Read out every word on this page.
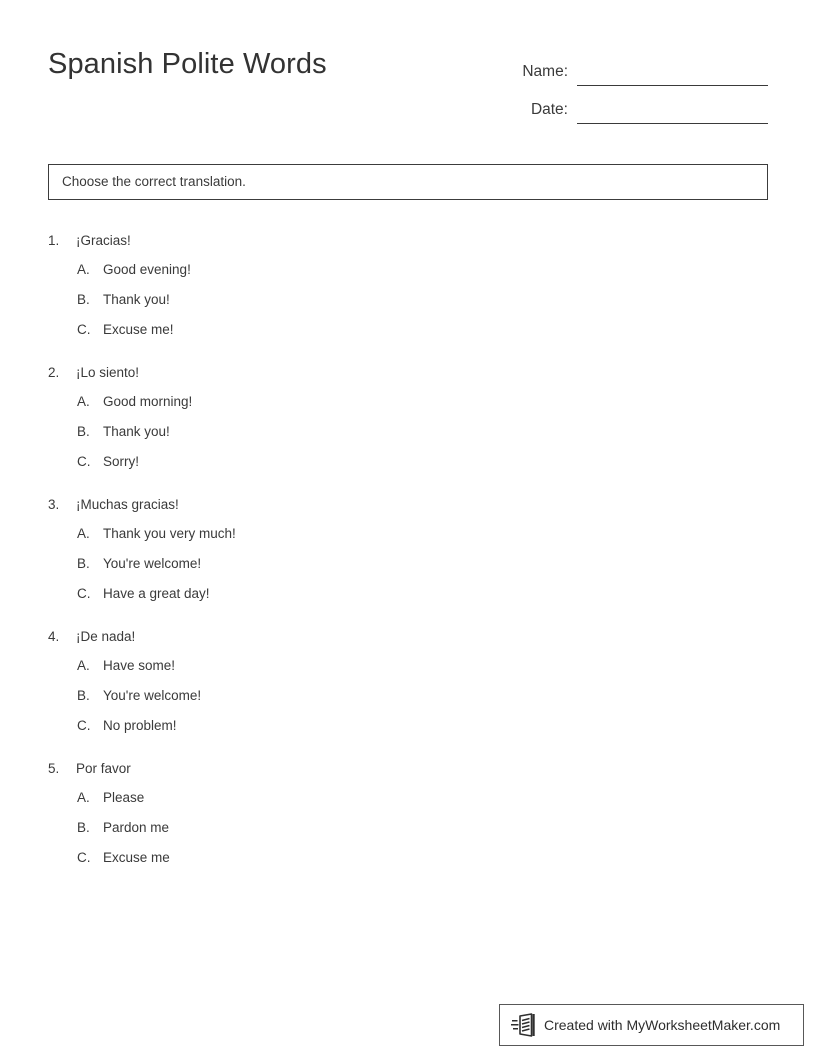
Spanish Polite Words	Name:
Date:
Choose the correct translation.
1.	¡Gracias!
A. Good evening!
B. Thank you!
C. Excuse me!
2.	¡Lo siento!
A. Good morning!
B. Thank you!
C. Sorry!
3.	¡Muchas gracias!
A. Thank you very much!
B. You're welcome!
C. Have a great day!
4.	¡De nada!
A. Have some!
B. You're welcome!
C. No problem!
5.	Por favor
A. Please
B. Pardon me
C. Excuse me
Created with MyWorksheetMaker.com
